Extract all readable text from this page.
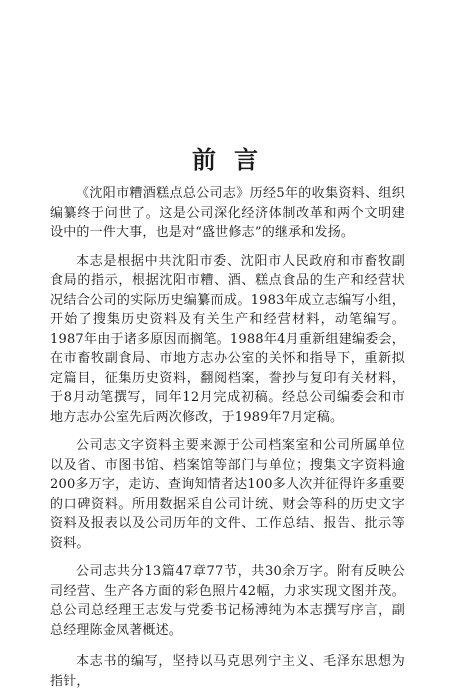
前言

《沈阳市糟酒糕点总公司志》历经5年的收集资料、组织编纂终于问世了。这是公司深化经济体制改革和两个文明建设中的一件大事，也是对“盛世修志”的继承和发扬。

本志是根据中共沈阳市委、沈阳市人民政府和市畜牧副食局的指示，根据沈阳市糟、酒、糕点食品的生产和经营状况结合公司的实际历史编纂而成。1983年成立志编写小组，开始了搜集历史资料及有关生产和经营材料，动笔编写。1987年由于诸多原因而搁笔。1988年4月重新组建编委会，在市畜牧副食局、市地方志办公室的关怀和指导下，重新拟定篇目，征集历史资料，翻阅档案，誊抄与复印有关材料，于8月动笔撰写，同年12月完成初稿。经总公司编委会和市地方志办公室先后两次修改，于1989年7月定稿。

公司志文字资料主要来源于公司档案室和公司所属单位以及省、市图书馆、档案馆等部门与单位；搜集文字资料逾200多万字，走访、查询知情者达100多人次并征得许多重要的口碑资料。所用数据采自公司计统、财会等科的历史文字资料及报表以及公司历年的文件、工作总结、报告、批示等资料。

公司志共分13篇47章77节，共30余万字。附有反映公司经营、生产各方面的彩色照片42幅，力求实现文图并茂。总公司总经理王志发与党委书记杨溥纯为本志撰写序言，副总经理陈金凤著概述。

本志书的编写，坚持以马克思列宁主义、毛泽东思想为指针，
